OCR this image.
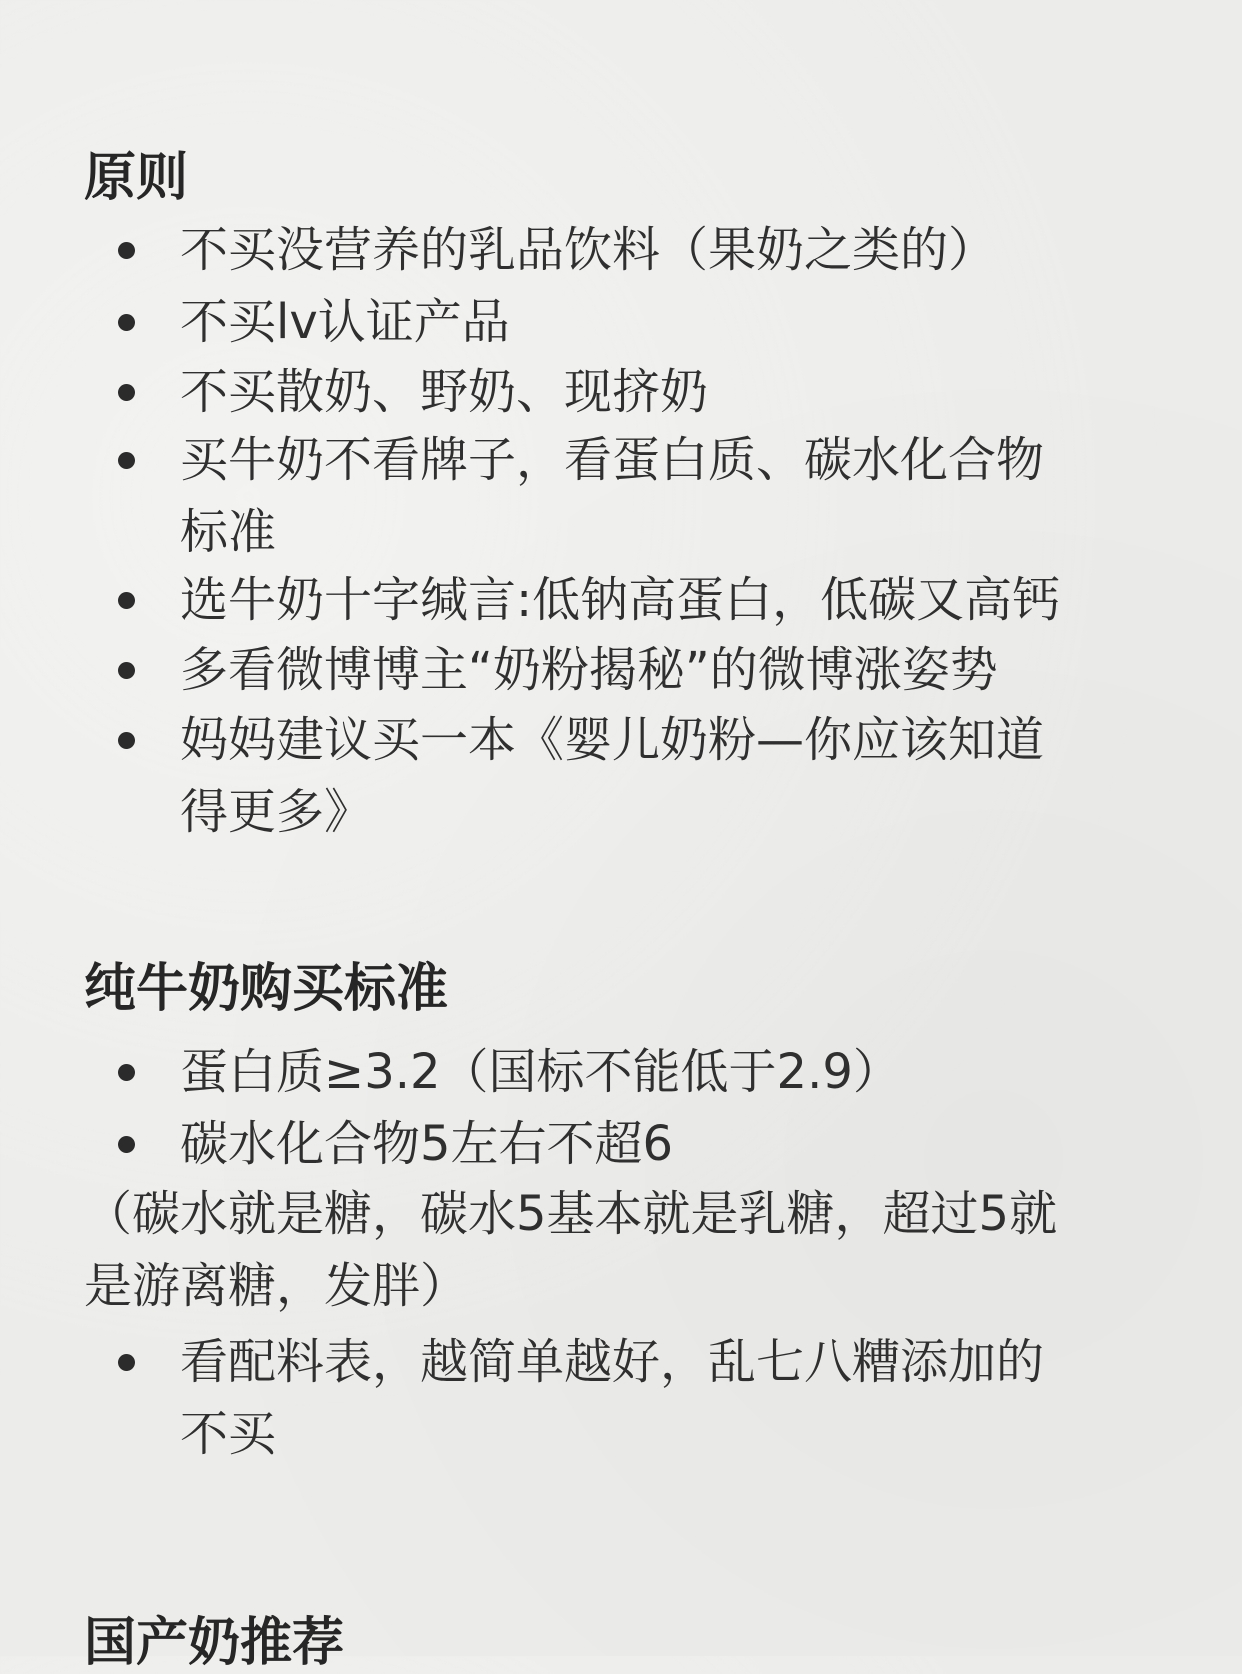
原则
不买没营养的乳品饮料（果奶之类的）
不买lv认证产品
不买散奶、野奶、现挤奶
买牛奶不看牌子，看蛋白质、碳水化合物
标准
选牛奶十字缄言:低钠高蛋白，低碳又高钙
多看微博博主“奶粉揭秘”的微博涨姿势
妈妈建议买一本《婴儿奶粉—你应该知道
得更多》
纯牛奶购买标准
蛋白质≥3.2（国标不能低于2.9）
碳水化合物5左右不超6
（碳水就是糖，碳水5基本就是乳糖，超过5就
是游离糖，发胖）
看配料表，越简单越好，乱七八糟添加的
不买
国产奶推荐
